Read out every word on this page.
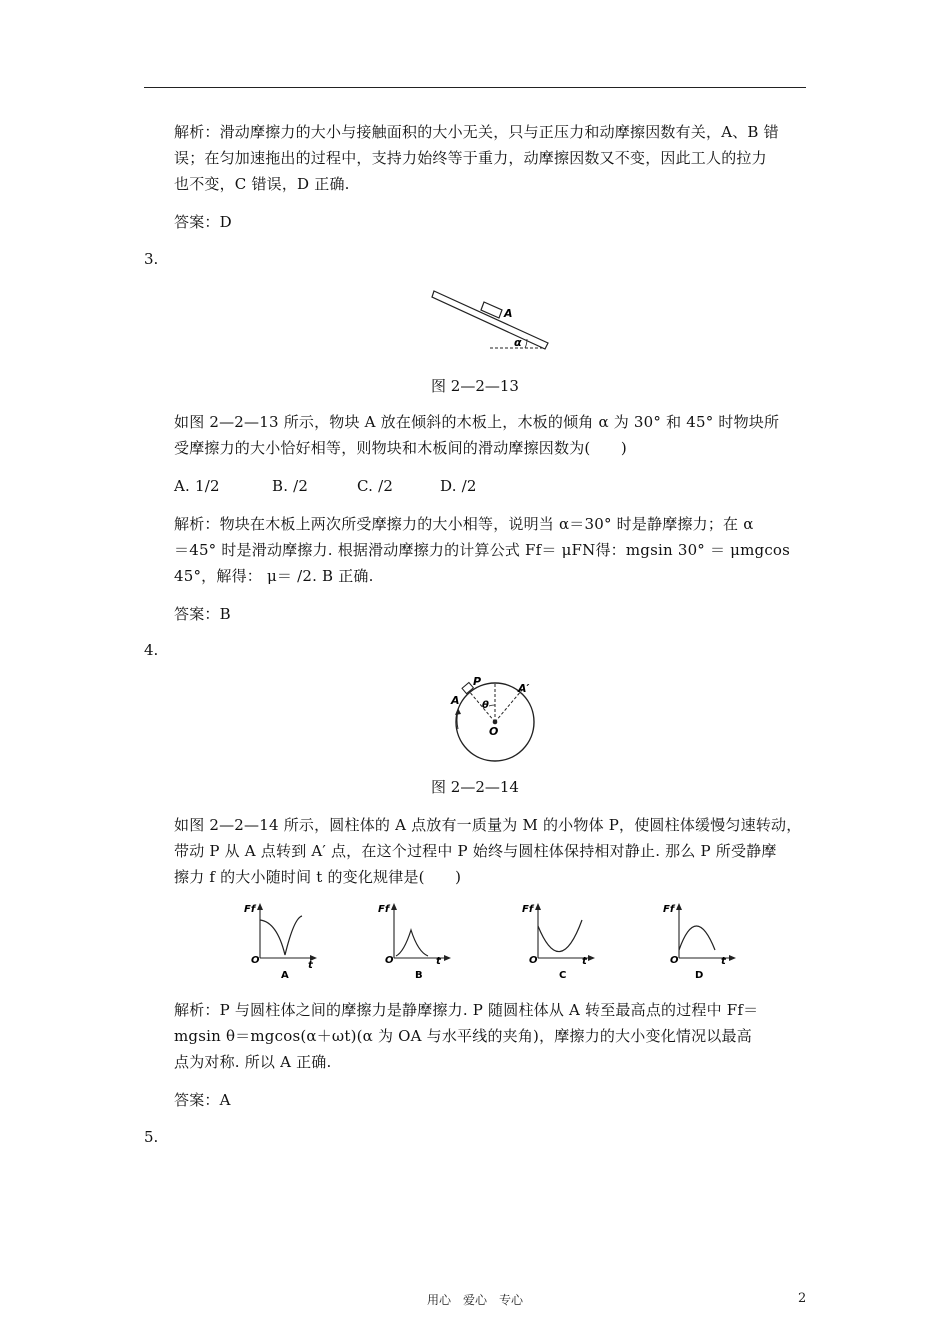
解析：滑动摩擦力的大小与接触面积的大小无关，只与正压力和动摩擦因数有关，A、B 错
误；在匀加速拖出的过程中，支持力始终等于重力，动摩擦因数又不变，因此工人的拉力
也不变，C 错误，D 正确.
答案：D
3.
A
α
图 2—2—13
如图 2—2—13 所示，物块 A 放在倾斜的木板上，木板的倾角 α 为 30° 和 45° 时物块所
受摩擦力的大小恰好相等，则物块和木板间的滑动摩擦因数为(　　)
A. 1/2	B. /2	C. /2	D. /2
解析：物块在木板上两次所受摩擦力的大小相等，说明当 α＝30° 时是静摩擦力；在 α
＝45° 时是滑动摩擦力. 根据滑动摩擦力的计算公式 Ff＝ μFN得：mgsin 30° ＝ μmgcos
45°，解得： μ＝ /2. B 正确.
答案：B
4.
P
A
A′
θ
O
图 2—2—14
如图 2—2—14 所示，圆柱体的 A 点放有一质量为 M 的小物体 P，使圆柱体缓慢匀速转动，
带动 P 从 A 点转到 A′ 点，在这个过程中 P 始终与圆柱体保持相对静止. 那么 P 所受静摩
擦力 f 的大小随时间 t 的变化规律是(　　)
Ff
O	t
A
Ff
O	t
B
Ff
O	t
C
Ff
O	t
D
解析：P 与圆柱体之间的摩擦力是静摩擦力. P 随圆柱体从 A 转至最高点的过程中 Ff＝
mgsin θ＝mgcos(α＋ωt)(α 为 OA 与水平线的夹角)，摩擦力的大小变化情况以最高
点为对称. 所以 A 正确.
答案：A
5.
用心　爱心　专心	2
